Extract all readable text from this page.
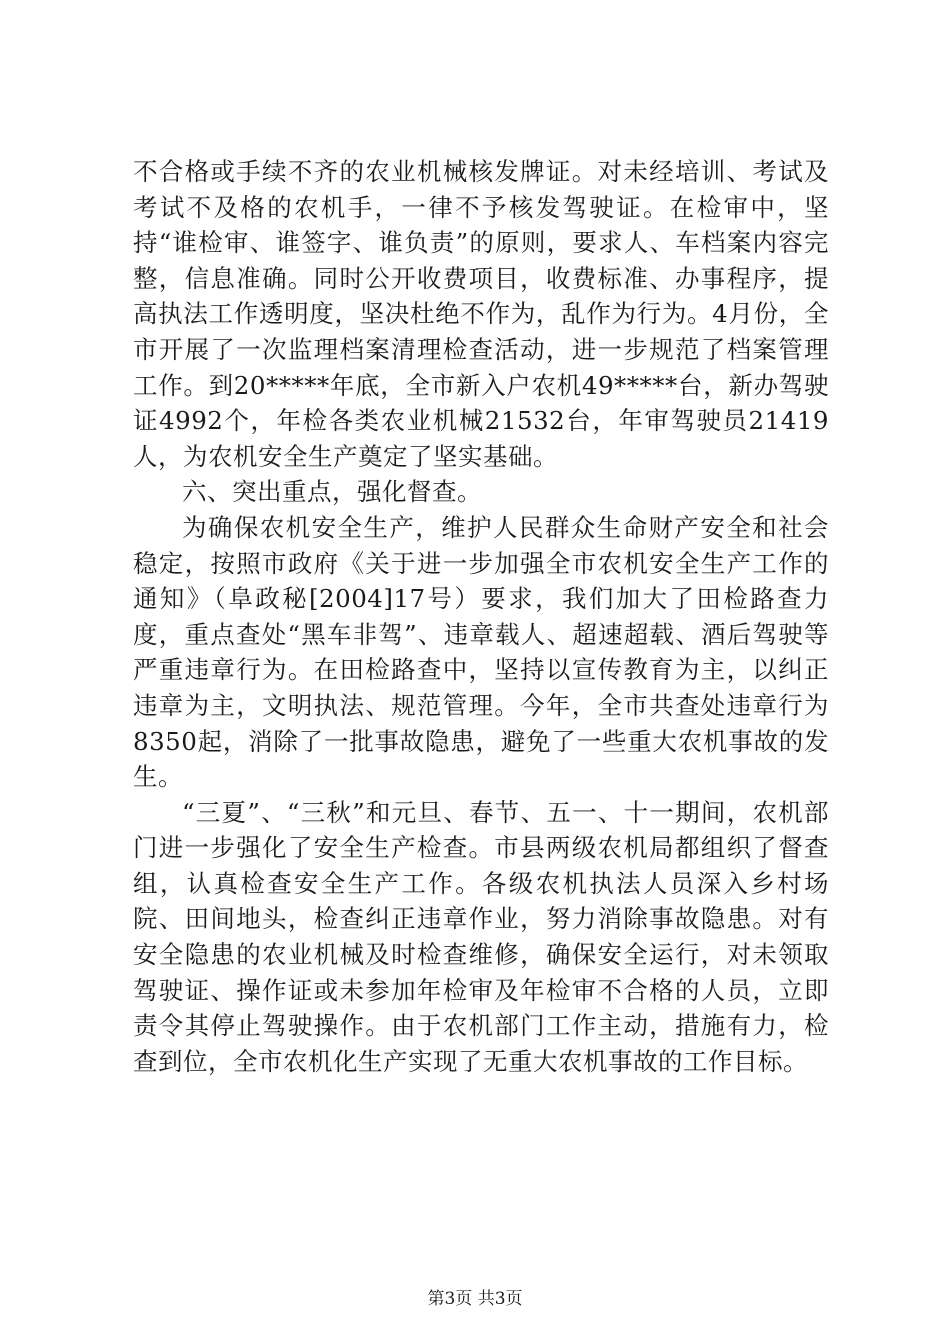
不合格或手续不齐的农业机械核发牌证。对未经培训、考试及考试不及格的农机手，一律不予核发驾驶证。在检审中，坚持“谁检审、谁签字、谁负责”的原则，要求人、车档案内容完整，信息准确。同时公开收费项目，收费标准、办事程序，提高执法工作透明度，坚决杜绝不作为，乱作为行为。4月份，全市开展了一次监理档案清理检查活动，进一步规范了档案管理工作。到20*****年底，全市新入户农机49*****台，新办驾驶证4992个，年检各类农业机械21532台，年审驾驶员21419人，为农机安全生产奠定了坚实基础。

六、突出重点，强化督查。

为确保农机安全生产，维护人民群众生命财产安全和社会稳定，按照市政府《关于进一步加强全市农机安全生产工作的通知》（阜政秘[2004]17号）要求，我们加大了田检路查力度，重点查处“黑车非驾”、违章载人、超速超载、酒后驾驶等严重违章行为。在田检路查中，坚持以宣传教育为主，以纠正违章为主，文明执法、规范管理。今年，全市共查处违章行为8350起，消除了一批事故隐患，避免了一些重大农机事故的发生。

“三夏”、“三秋”和元旦、春节、五一、十一期间，农机部门进一步强化了安全生产检查。市县两级农机局都组织了督查组，认真检查安全生产工作。各级农机执法人员深入乡村场院、田间地头，检查纠正违章作业，努力消除事故隐患。对有安全隐患的农业机械及时检查维修，确保安全运行，对未领取驾驶证、操作证或未参加年检审及年检审不合格的人员，立即责令其停止驾驶操作。由于农机部门工作主动，措施有力，检查到位，全市农机化生产实现了无重大农机事故的工作目标。

第3页 共3页
